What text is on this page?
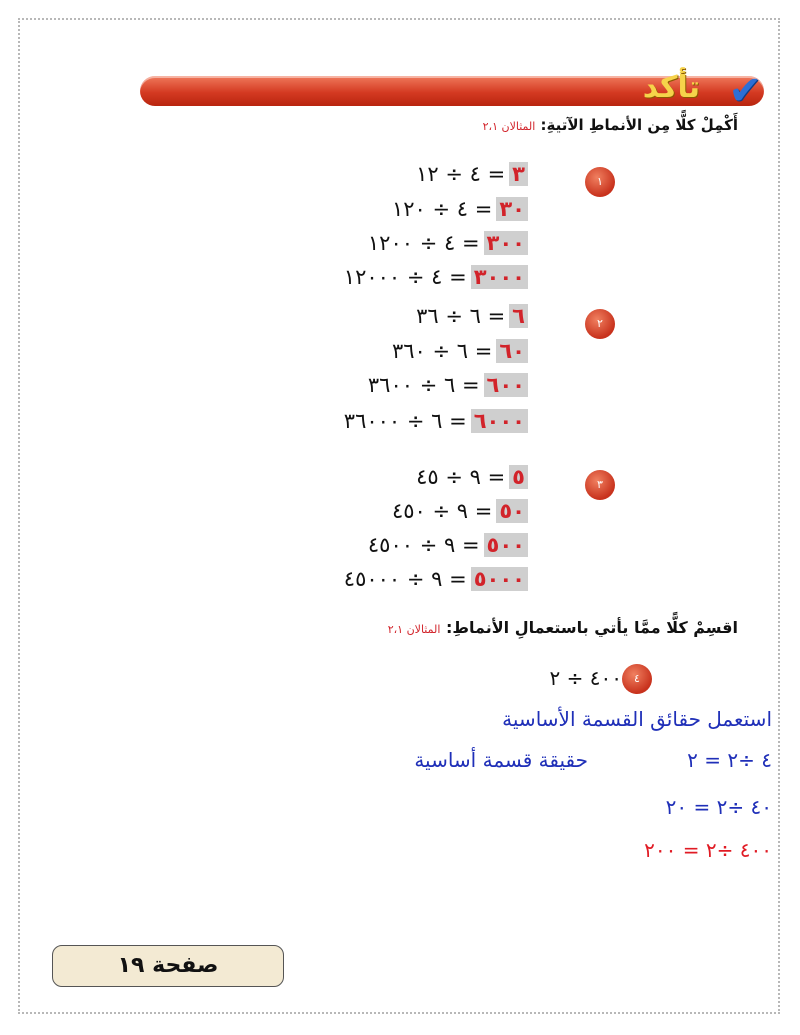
تأكد ✔
أَكْمِلْ كلًّا مِن الأنماطِ الآتيةِ: المثالان ٢،١
١
٣= ٤ ÷ ١٢
٣٠= ٤ ÷ ١٢٠
٣٠٠= ٤ ÷ ١٢٠٠
٣٠٠٠= ٤ ÷ ١٢٠٠٠
٢
٦= ٦ ÷ ٣٦
٦٠= ٦ ÷ ٣٦٠
٦٠٠= ٦ ÷ ٣٦٠٠
٦٠٠٠= ٦ ÷ ٣٦٠٠٠
٣
٥= ٩ ÷ ٤٥
٥٠= ٩ ÷ ٤٥٠
٥٠٠= ٩ ÷ ٤٥٠٠
٥٠٠٠= ٩ ÷ ٤٥٠٠٠
اقسِمْ كلًّا ممَّا يأتي باستعمالِ الأنماطِ: المثالان ٢،١
٤
٤٠٠ ÷ ٢
استعمل حقائق القسمة الأساسية
٤ ÷٢ = ٢
حقيقة قسمة أساسية
٤٠ ÷٢ = ٢٠
٤٠٠ ÷٢ = ٢٠٠
صفحة ١٩
